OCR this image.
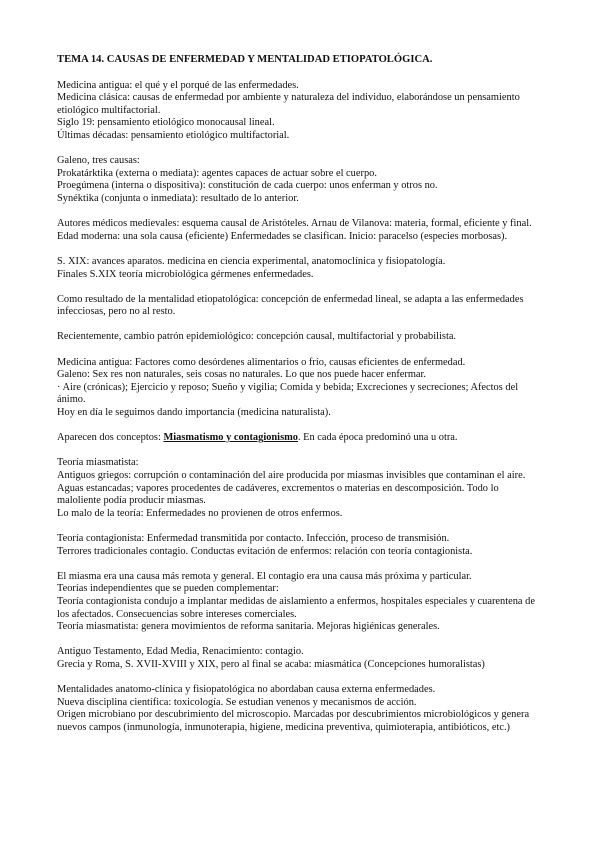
TEMA 14. CAUSAS DE ENFERMEDAD Y MENTALIDAD ETIOPATOLÓGICA.
Medicina antigua: el qué y el porqué de las enfermedades.
Medicina clásica: causas de enfermedad por ambiente y naturaleza del individuo, elaborándose un pensamiento etiológico multifactorial.
Siglo 19: pensamiento etiológico monocausal lineal.
Últimas décadas: pensamiento etiológico multifactorial.
Galeno, tres causas:
Prokatárktika (externa o mediata): agentes capaces de actuar sobre el cuerpo.
Proegúmena (interna o dispositiva): constitución de cada cuerpo: unos enferman y otros no.
Synéktika (conjunta o inmediata): resultado de lo anterior.
Autores médicos medievales: esquema causal de Aristóteles. Arnau de Vilanova: materia, formal, eficiente y final.
Edad moderna: una sola causa (eficiente) Enfermedades se clasifican. Inicio: paracelso (especies morbosas).
S. XIX: avances aparatos. medicina en ciencia experimental, anatomoclínica y fisiopatología.
Finales S.XIX teoría microbiológica gérmenes enfermedades.
Como resultado de la mentalidad etiopatológica: concepción de enfermedad lineal, se adapta a las enfermedades infecciosas, pero no al resto.
Recientemente, cambio patrón epidemiológico: concepción causal, multifactorial y probabilista.
Medicina antigua: Factores como desórdenes alimentarios o frío, causas eficientes de enfermedad.
Galeno: Sex res non naturales, seis cosas no naturales. Lo que nos puede hacer enfermar.
· Aire (crónicas); Ejercicio y reposo; Sueño y vigilia; Comida y bebida; Excreciones y secreciones; Afectos del ánimo.
Hoy en día le seguimos dando importancia (medicina naturalista).
Aparecen dos conceptos: Miasmatismo y contagionismo. En cada época predominó una u otra.
Teoría miasmatista:
Antiguos griegos: corrupción o contaminación del aire producida por miasmas invisibles que contaminan el aire. Aguas estancadas; vapores procedentes de cadáveres, excrementos o materias en descomposición. Todo lo maloliente podía producir miasmas.
Lo malo de la teoría: Enfermedades no provienen de otros enfermos.
Teoría contagionista: Enfermedad transmitida por contacto. Infección, proceso de transmisión.
Terrores tradicionales contagio. Conductas evitación de enfermos: relación con teoría contagionista.
El miasma era una causa más remota y general. El contagio era una causa más próxima y particular.
Teorías independientes que se pueden complementar:
Teoría contagionista condujo a implantar medidas de aislamiento a enfermos, hospitales especiales y cuarentena de los afectados. Consecuencias sobre intereses comerciales.
Teoría miasmatista: genera movimientos de reforma sanitaria. Mejoras higiénicas generales.
Antiguo Testamento, Edad Media, Renacimiento: contagio.
Grecia y Roma, S. XVII-XVIII y XIX, pero al final se acaba: miasmática (Concepciones humoralistas)
Mentalidades anatomo-clínica y fisiopatológica no abordaban causa externa enfermedades.
Nueva disciplina científica: toxicología. Se estudian venenos y mecanismos de acción.
Origen microbiano por descubrimiento del microscopio. Marcadas por descubrimientos microbiológicos y genera nuevos campos (inmunología, inmunoterapia, higiene, medicina preventiva, quimioterapia, antibióticos, etc.)
